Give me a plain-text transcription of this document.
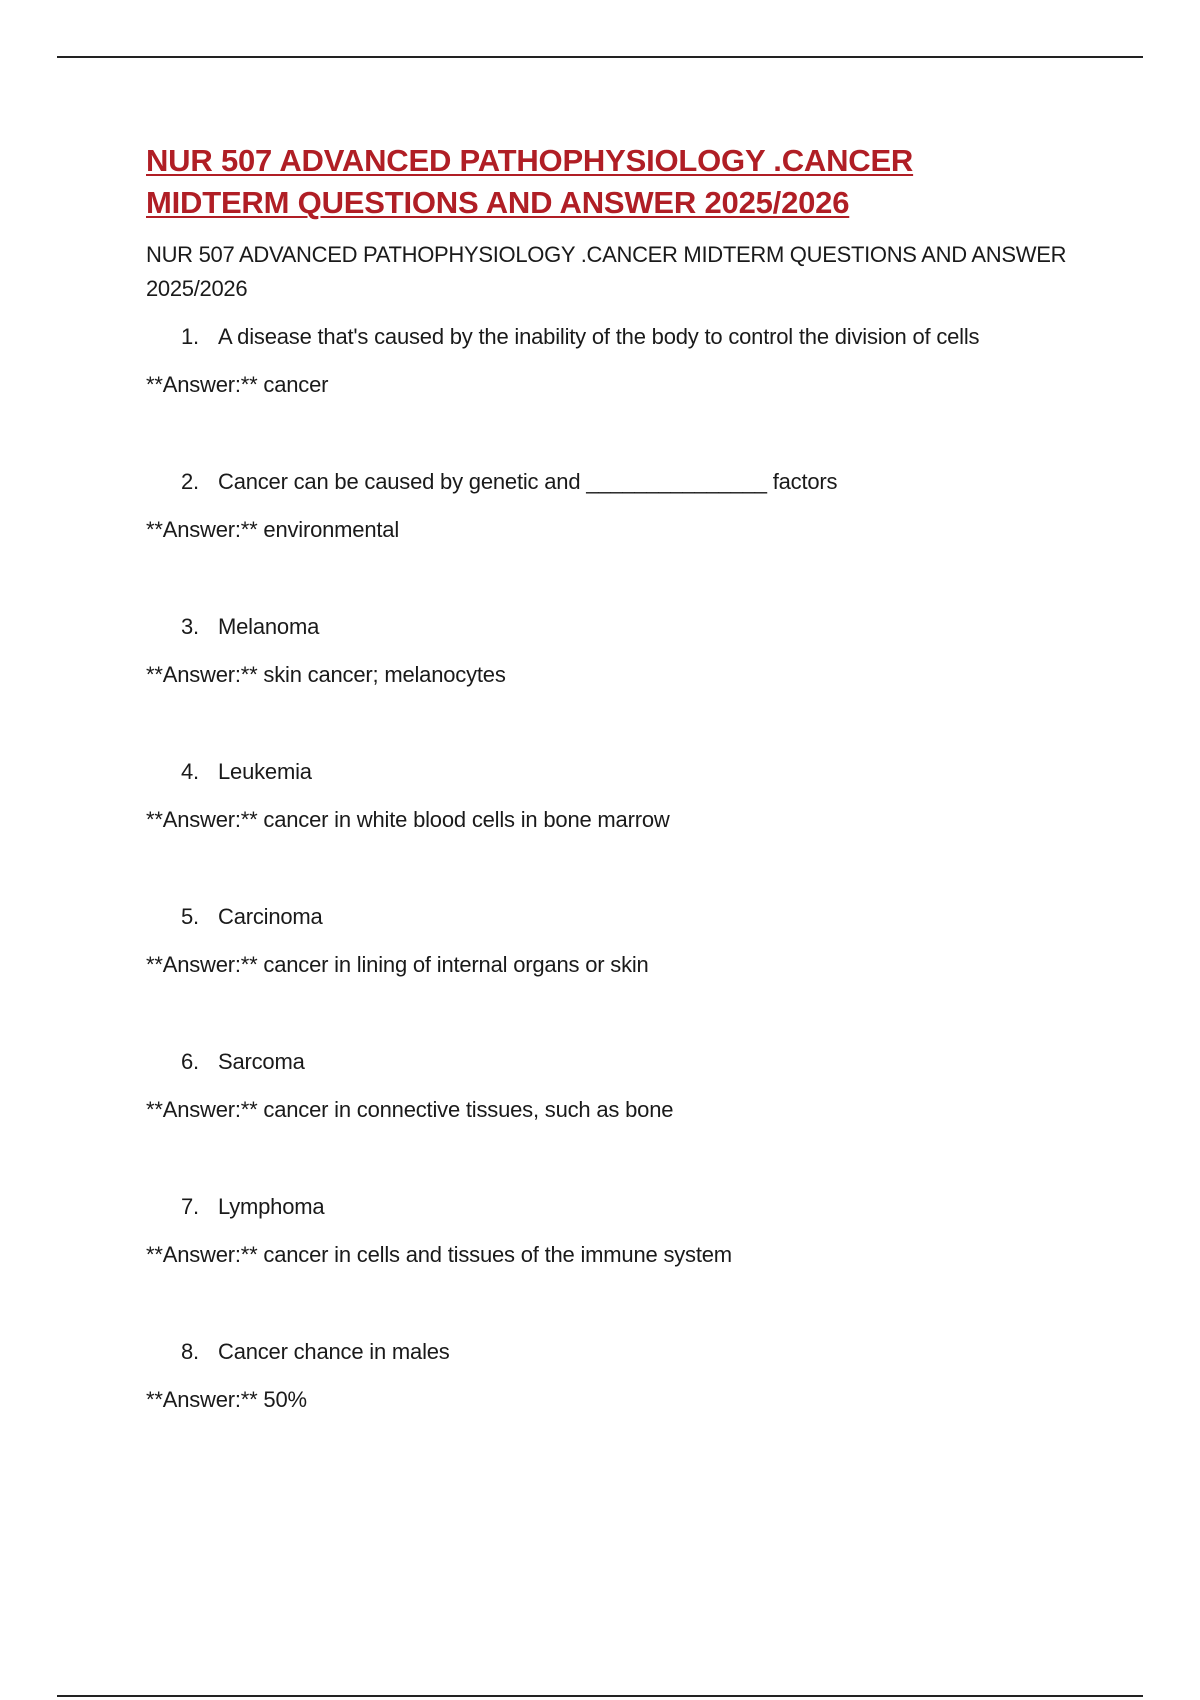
NUR 507 ADVANCED PATHOPHYSIOLOGY .CANCER
MIDTERM QUESTIONS AND ANSWER 2025/2026

NUR 507 ADVANCED PATHOPHYSIOLOGY .CANCER MIDTERM QUESTIONS AND ANSWER 2025/2026

1. A disease that's caused by the inability of the body to control the division of cells
**Answer:** cancer
2. Cancer can be caused by genetic and _______________ factors
**Answer:** environmental
3. Melanoma
**Answer:** skin cancer; melanocytes
4. Leukemia
**Answer:** cancer in white blood cells in bone marrow
5. Carcinoma
**Answer:** cancer in lining of internal organs or skin
6. Sarcoma
**Answer:** cancer in connective tissues, such as bone
7. Lymphoma
**Answer:** cancer in cells and tissues of the immune system
8. Cancer chance in males
**Answer:** 50%
